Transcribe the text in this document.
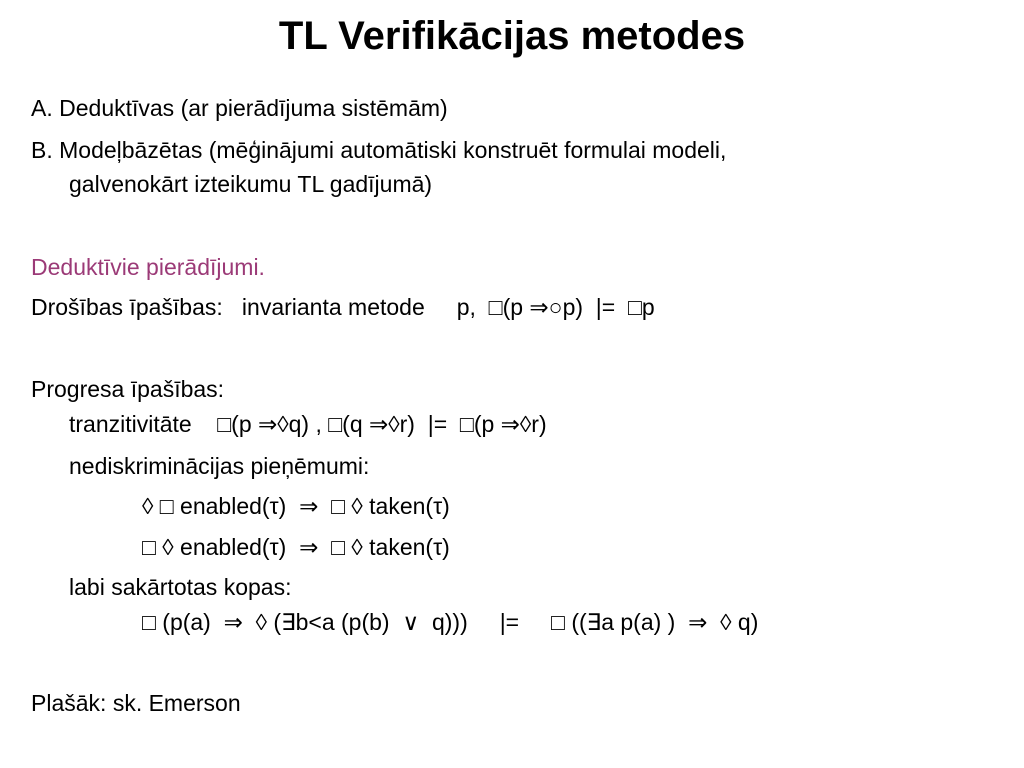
TL Verifikācijas metodes
A. Deduktīvas (ar pierādījuma sistēmām)
B. Modeļbāzētas (mēģinājumi automātiski konstruēt formulai modeli,
galvenokārt izteikumu TL gadījumā)
Deduktīvie pierādījumi.
Drošības īpašības:   invarianta metode     p,  □(p ⇒○p)  |=  □p
Progresa īpašības:
tranzitivitāte    □(p ⇒◊q) , □(q ⇒◊r)  |=  □(p ⇒◊r)
nediskriminācijas pieņēmumi:
◊ □ enabled(τ)  ⇒  □ ◊ taken(τ)
□ ◊ enabled(τ)  ⇒  □ ◊ taken(τ)
labi sakārtotas kopas:
□ (p(a)  ⇒  ◊ (∃b<a (p(b)  ∨  q)))     |=     □ ((∃a p(a) )  ⇒  ◊ q)
Plašāk: sk. Emerson
